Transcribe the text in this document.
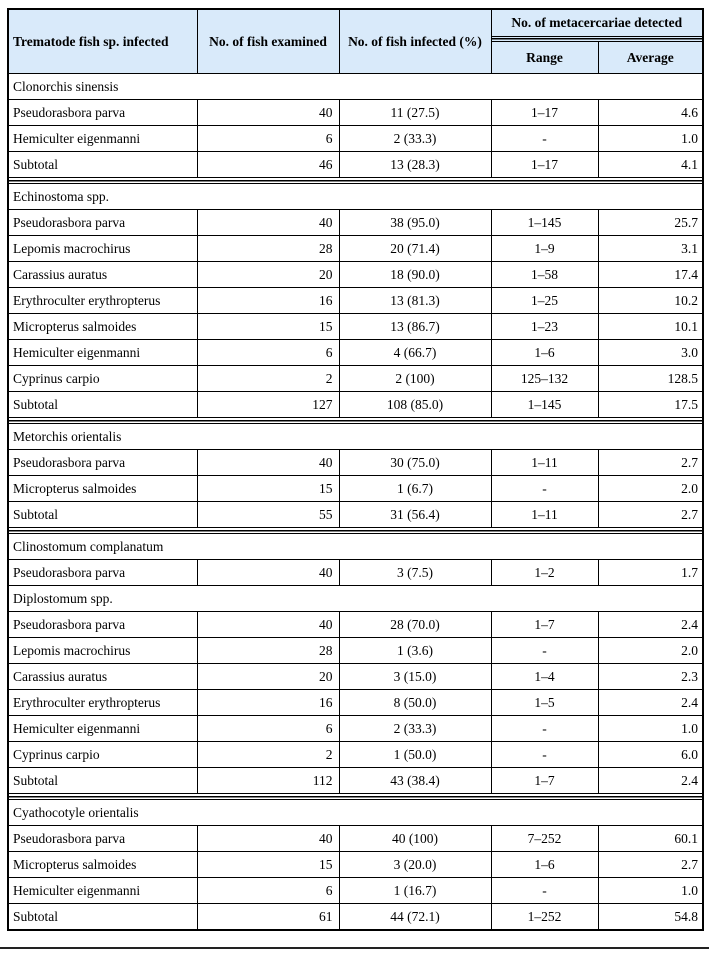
Trematode fish sp. infected	No. of fish examined	No. of fish infected (%)	No. of metacercariae detected	

			Range	Average
Clonorchis sinensis				
Pseudorasbora parva	40	11 (27.5)	1–17	4.6
Hemiculter eigenmanni	6	2 (33.3)	-	1.0
Subtotal	46	13 (28.3)	1–17	4.1

Echinostoma spp.				
Pseudorasbora parva	40	38 (95.0)	1–145	25.7
Lepomis macrochirus	28	20 (71.4)	1–9	3.1
Carassius auratus	20	18 (90.0)	1–58	17.4
Erythroculter erythropterus	16	13 (81.3)	1–25	10.2
Micropterus salmoides	15	13 (86.7)	1–23	10.1
Hemiculter eigenmanni	6	4 (66.7)	1–6	3.0
Cyprinus carpio	2	2 (100)	125–132	128.5
Subtotal	127	108 (85.0)	1–145	17.5

Metorchis orientalis				
Pseudorasbora parva	40	30 (75.0)	1–11	2.7
Micropterus salmoides	15	1 (6.7)	-	2.0
Subtotal	55	31 (56.4)	1–11	2.7

Clinostomum complanatum				
Pseudorasbora parva	40	3 (7.5)	1–2	1.7
Diplostomum spp.				
Pseudorasbora parva	40	28 (70.0)	1–7	2.4
Lepomis macrochirus	28	1 (3.6)	-	2.0
Carassius auratus	20	3 (15.0)	1–4	2.3
Erythroculter erythropterus	16	8 (50.0)	1–5	2.4
Hemiculter eigenmanni	6	2 (33.3)	-	1.0
Cyprinus carpio	2	1 (50.0)	-	6.0
Subtotal	112	43 (38.4)	1–7	2.4

Cyathocotyle orientalis				
Pseudorasbora parva	40	40 (100)	7–252	60.1
Micropterus salmoides	15	3 (20.0)	1–6	2.7
Hemiculter eigenmanni	6	1 (16.7)	-	1.0
Subtotal	61	44 (72.1)	1–252	54.8
